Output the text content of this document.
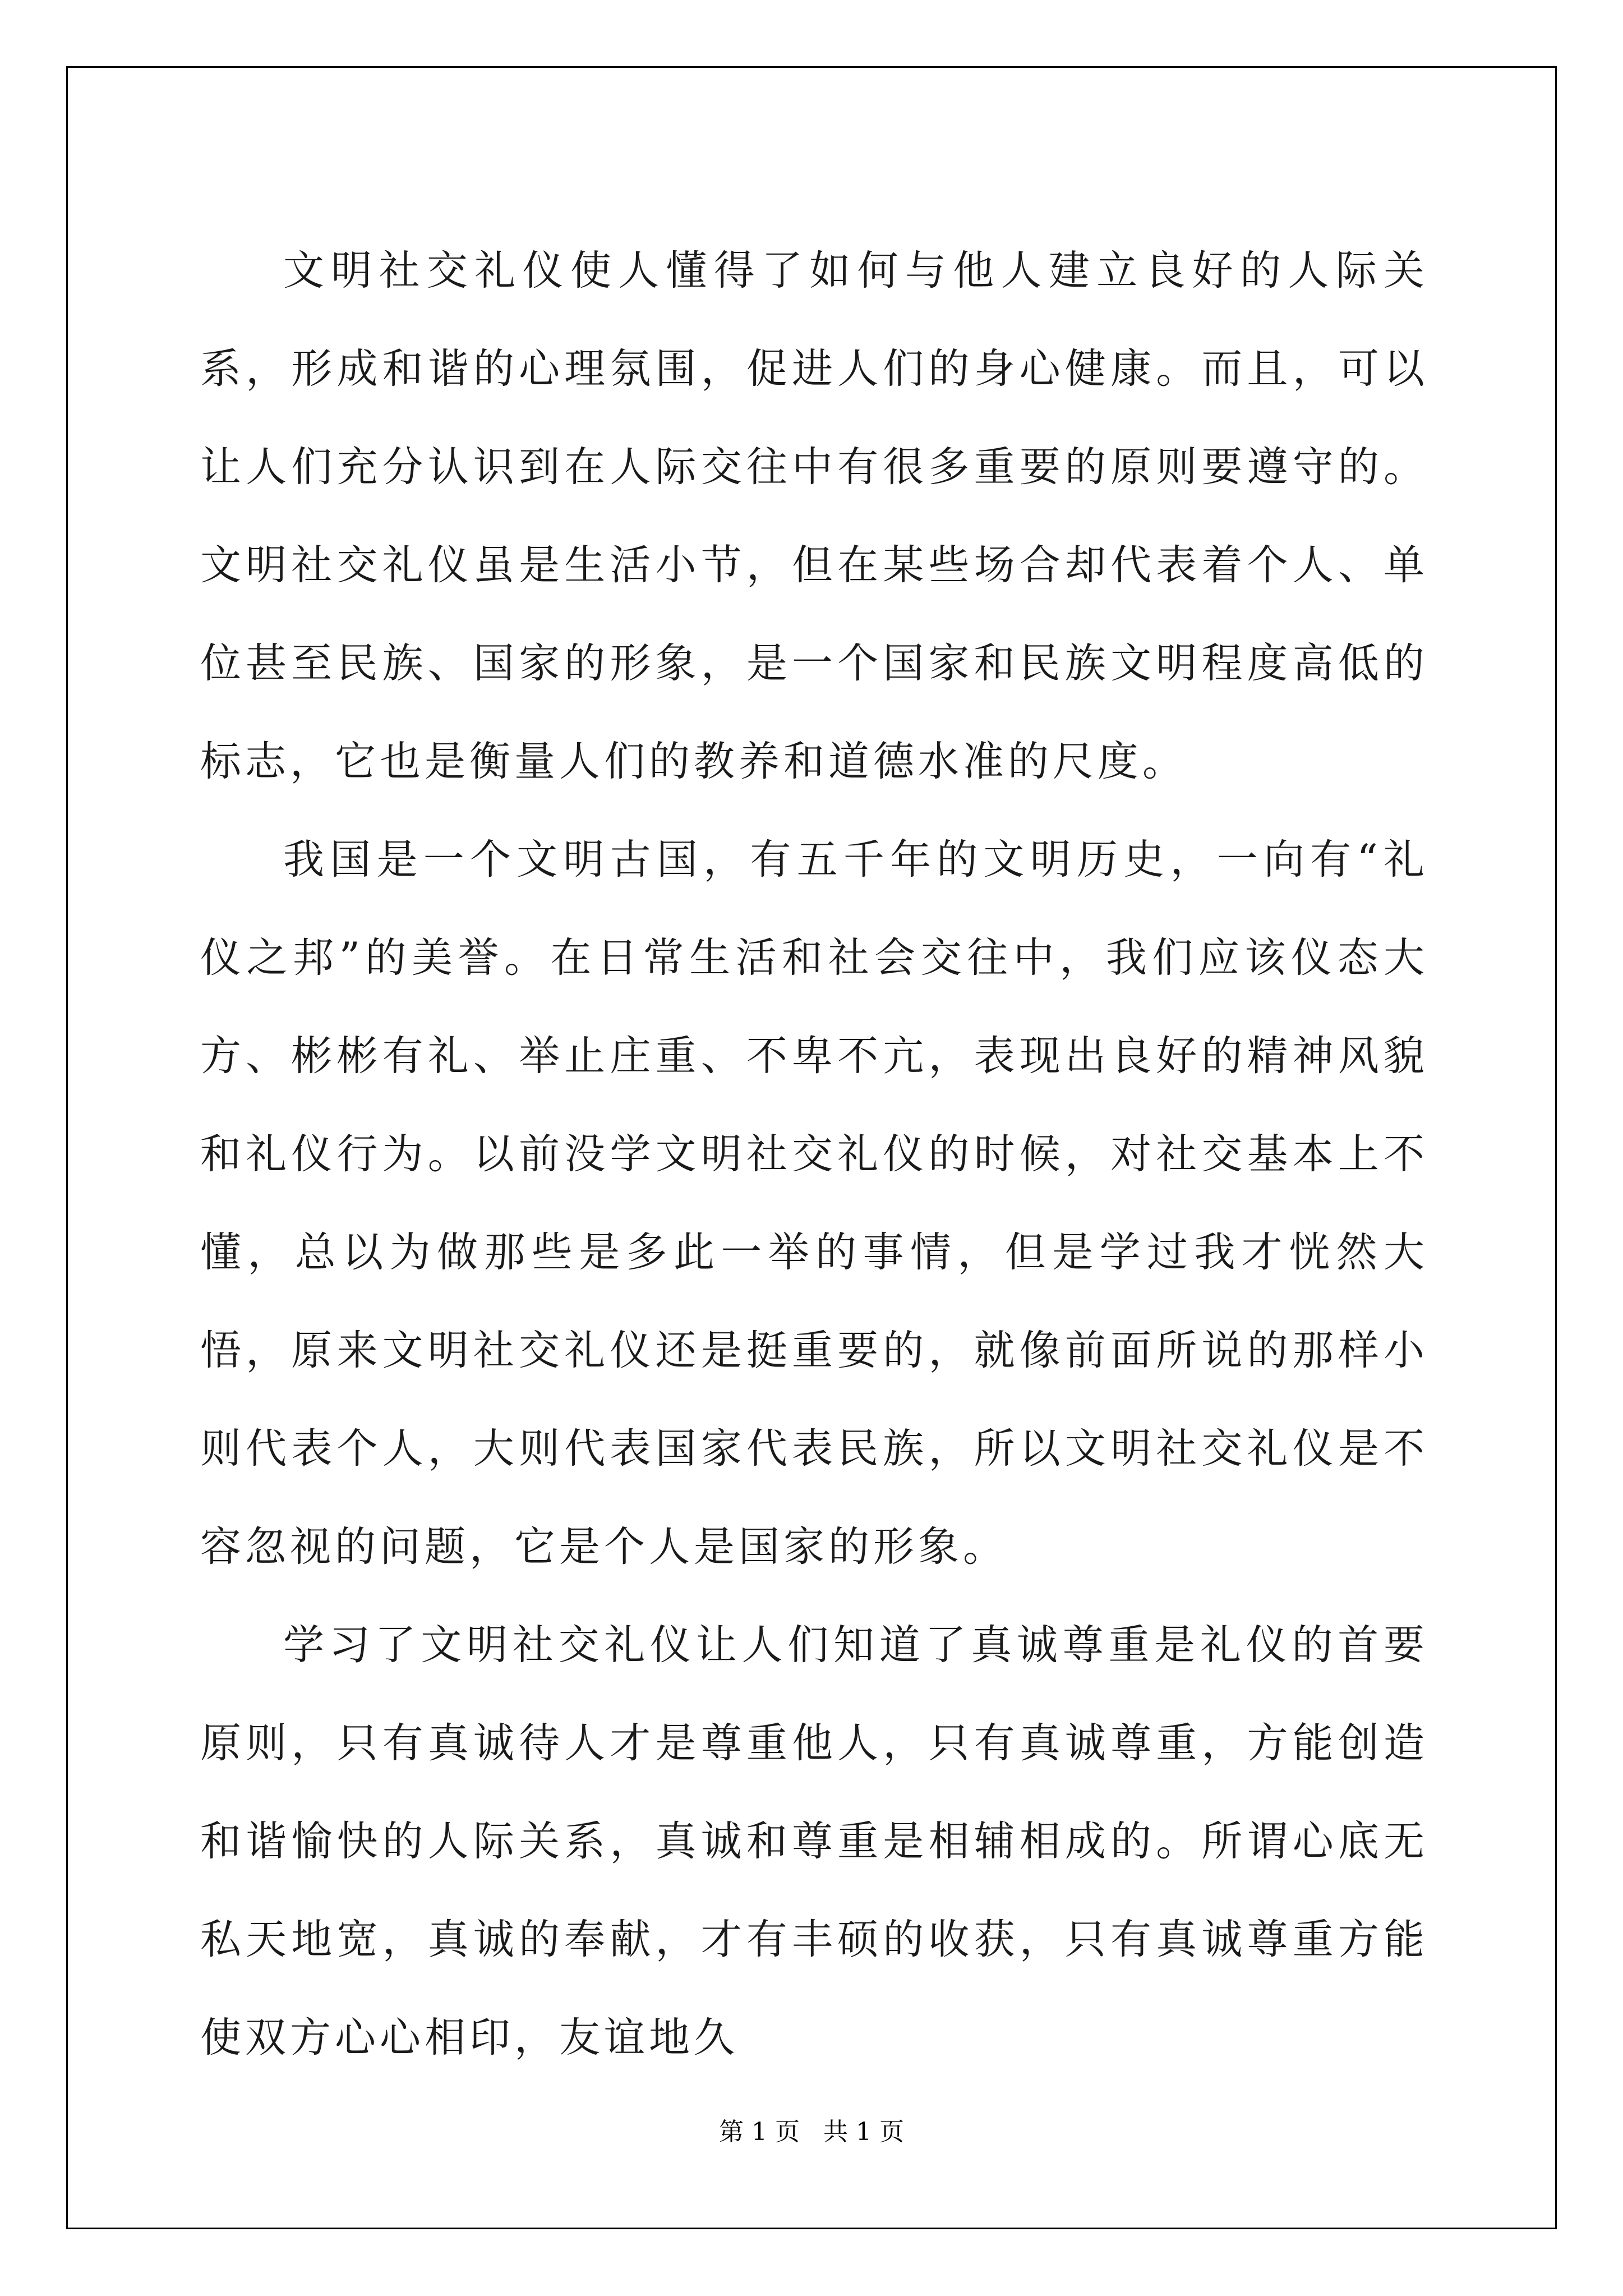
文明社交礼仪使人懂得了如何与他人建立良好的人际关系，形成和谐的心理氛围，促进人们的身心健康。而且，可以让人们充分认识到在人际交往中有很多重要的原则要遵守的。文明社交礼仪虽是生活小节，但在某些场合却代表着个人、单位甚至民族、国家的形象，是一个国家和民族文明程度高低的标志，它也是衡量人们的教养和道德水准的尺度。

我国是一个文明古国，有五千年的文明历史，一向有“礼仪之邦”的美誉。在日常生活和社会交往中，我们应该仪态大方、彬彬有礼、举止庄重、不卑不亢，表现出良好的精神风貌和礼仪行为。以前没学文明社交礼仪的时候，对社交基本上不懂，总以为做那些是多此一举的事情，但是学过我才恍然大悟，原来文明社交礼仪还是挺重要的，就像前面所说的那样小则代表个人，大则代表国家代表民族，所以文明社交礼仪是不容忽视的问题，它是个人是国家的形象。

学习了文明社交礼仪让人们知道了真诚尊重是礼仪的首要原则，只有真诚待人才是尊重他人，只有真诚尊重，方能创造和谐愉快的人际关系，真诚和尊重是相辅相成的。所谓心底无私天地宽，真诚的奉献，才有丰硕的收获，只有真诚尊重方能使双方心心相印，友谊地久

第 1 页   共 1 页
